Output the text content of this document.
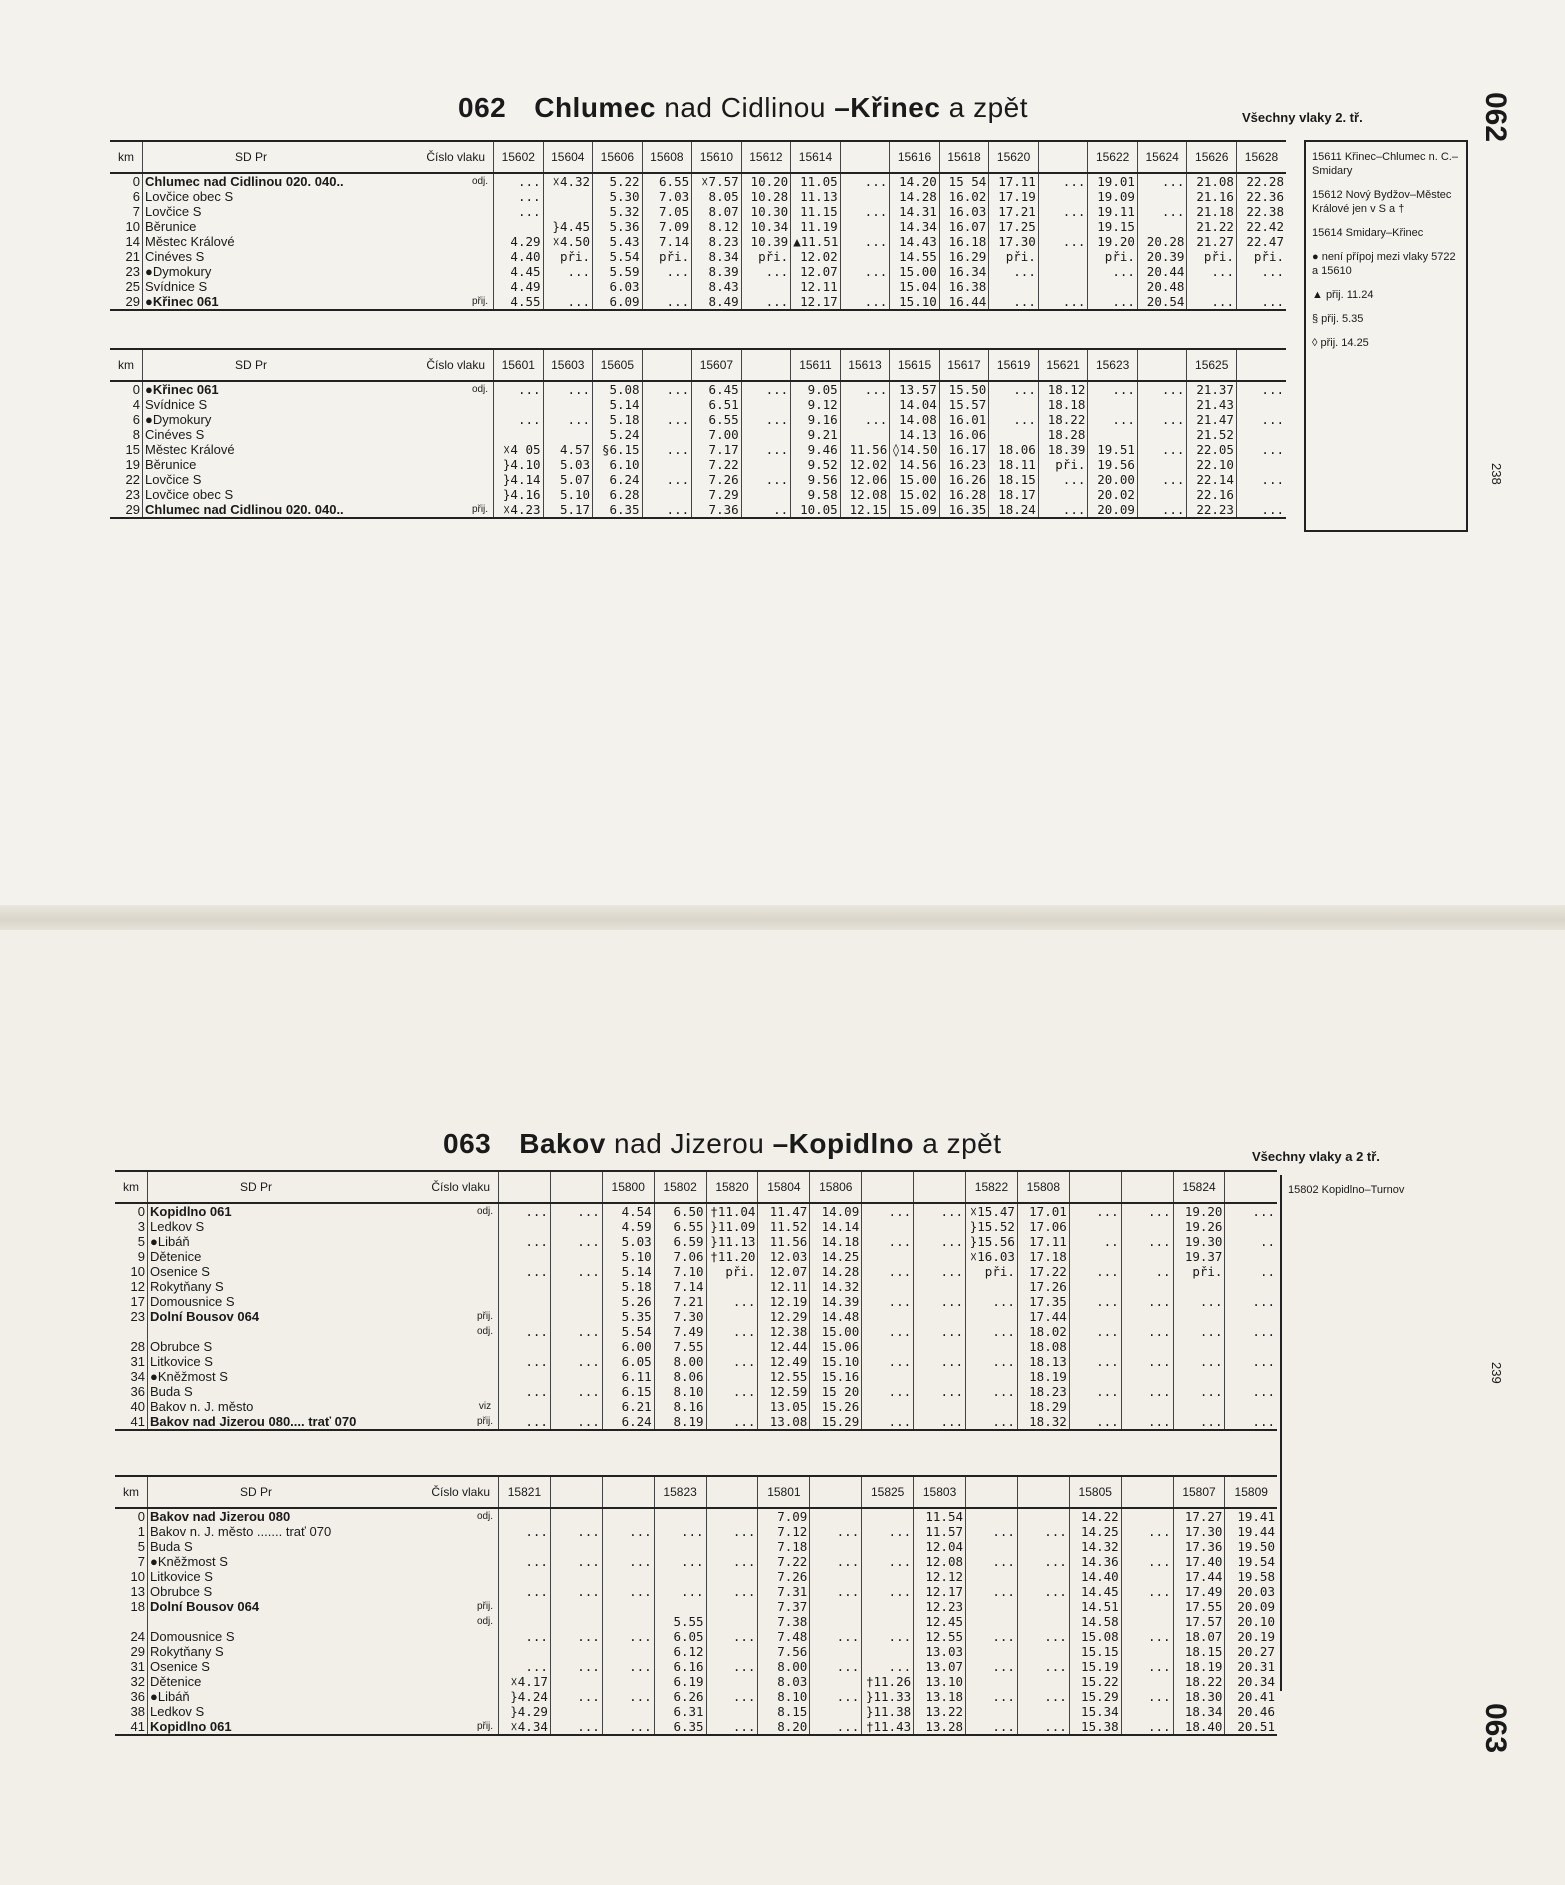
062 Chlumec nad Cidlinou –Křinec a zpět	Všechny vlaky 2. tř.	062
238
km	SD Pr Číslo vlaku		15602	15604	15606	15608	15610	15612	15614		15616	15618	15620		15622	15624	15626	15628
0	Chlumec nad Cidlinou 020. 040..	odj.	...	☓4.32	5.22	6.55	☓7.57	10.20	11.05	...	14.20	15 54	17.11	...	19.01	...	21.08	22.28
6	Lovčice obec S		...		5.30	7.03	8.05	10.28	11.13		14.28	16.02	17.19		19.09		21.16	22.36
7	Lovčice S		...		5.32	7.05	8.07	10.30	11.15	...	14.31	16.03	17.21	...	19.11	...	21.18	22.38
10	Běrunice			}4.45	5.36	7.09	8.12	10.34	11.19		14.34	16.07	17.25		19.15		21.22	22.42
14	Městec Králové		4.29	☓4.50	5.43	7.14	8.23	10.39	▲11.51	...	14.43	16.18	17.30	...	19.20	20.28	21.27	22.47
21	Cinéves S		4.40	při.	5.54	při.	8.34	při.	12.02		14.55	16.29	při.		při.	20.39	při.	při.
23	●Dymokury		4.45	...	5.59	...	8.39	...	12.07	...	15.00	16.34	...		...	20.44	...	...
25	Svídnice S		4.49		6.03		8.43		12.11		15.04	16.38				20.48		
29	●Křinec 061	přij.	4.55	...	6.09	...	8.49	...	12.17	...	15.10	16.44	...	...	...	20.54	...	...
km	SD Pr Číslo vlaku		15601	15603	15605		15607		15611	15613	15615	15617	15619	15621	15623		15625	
0	●Křinec 061	odj.	...	...	5.08	...	6.45	...	9.05	...	13.57	15.50	...	18.12	...	...	21.37	...
4	Svídnice S				5.14		6.51		9.12		14.04	15.57		18.18			21.43	
6	●Dymokury		...	...	5.18	...	6.55	...	9.16	...	14.08	16.01	...	18.22	...	...	21.47	...
8	Cinéves S				5.24		7.00		9.21		14.13	16.06		18.28			21.52	
15	Městec Králové		☓4 05	4.57	§6.15	...	7.17	...	9.46	11.56	◊14.50	16.17	18.06	18.39	19.51	...	22.05	...
19	Běrunice		}4.10	5.03	6.10		7.22		9.52	12.02	14.56	16.23	18.11	při.	19.56		22.10	
22	Lovčice S		}4.14	5.07	6.24	...	7.26	...	9.56	12.06	15.00	16.26	18.15	...	20.00	...	22.14	...
23	Lovčice obec S		}4.16	5.10	6.28		7.29		9.58	12.08	15.02	16.28	18.17		20.02		22.16	
29	Chlumec nad Cidlinou 020. 040..	přij.	☓4.23	5.17	6.35	...	7.36	..	10.05	12.15	15.09	16.35	18.24	...	20.09	...	22.23	...
15611 Křinec–Chlumec n. C.–Smidary
15612 Nový Bydžov–Městec Králové jen v S a †
15614 Smidary–Křinec
● není přípoj mezi vlaky 5722 a 15610
▲ přij. 11.24
§ přij. 5.35
◊ přij. 14.25
063 Bakov nad Jizerou –Kopidlno a zpět	Všechny vlaky a 2 tř.
063
239
km	SD Pr Číslo vlaku				15800	15802	15820	15804	15806			15822	15808			15824	
0	Kopidlno 061	odj.	...	...	4.54	6.50	†11.04	11.47	14.09	...	...	☓15.47	17.01	...	...	19.20	...
3	Ledkov S				4.59	6.55	}11.09	11.52	14.14			}15.52	17.06			19.26	
5	●Libáň		...	...	5.03	6.59	}11.13	11.56	14.18	...	...	}15.56	17.11	..	...	19.30	..
9	Dětenice				5.10	7.06	†11.20	12.03	14.25			☓16.03	17.18			19.37	
10	Osenice S		...	...	5.14	7.10	při.	12.07	14.28	...	...	při.	17.22	...	..	při.	..
12	Rokytňany S				5.18	7.14		12.11	14.32				17.26				
17	Domousnice S				5.26	7.21	...	12.19	14.39	...	...	...	17.35	...	...	...	...
23	Dolní Bousov 064	přij.			5.35	7.30		12.29	14.48				17.44				
		odj.	...	...	5.54	7.49	...	12.38	15.00	...	...	...	18.02	...	...	...	...
28	Obrubce S				6.00	7.55		12.44	15.06				18.08				
31	Litkovice S		...	...	6.05	8.00	...	12.49	15.10	...	...	...	18.13	...	...	...	...
34	●Kněžmost S				6.11	8.06		12.55	15.16				18.19				
36	Buda S		...	...	6.15	8.10	...	12.59	15 20	...	...	...	18.23	...	...	...	...
40	Bakov n. J. město	viz			6.21	8.16		13.05	15.26				18.29				
41	Bakov nad Jizerou 080.... trať 070	přij.	...	...	6.24	8.19	...	13.08	15.29	...	...	...	18.32	...	...	...	...
km	SD Pr Číslo vlaku		15821			15823		15801		15825	15803			15805		15807	15809
0	Bakov nad Jizerou 080	odj.						7.09			11.54			14.22		17.27	19.41
1	Bakov n. J. město ....... trať 070		...	...	...	...	...	7.12	...	...	11.57	...	...	14.25	...	17.30	19.44
5	Buda S							7.18			12.04			14.32		17.36	19.50
7	●Kněžmost S		...	...	...	...	...	7.22	...	...	12.08	...	...	14.36	...	17.40	19.54
10	Litkovice S							7.26			12.12			14.40		17.44	19.58
13	Obrubce S		...	...	...	...	...	7.31	...	...	12.17	...	...	14.45	...	17.49	20.03
18	Dolní Bousov 064	přij.						7.37			12.23			14.51		17.55	20.09
		odj.				5.55		7.38			12.45			14.58		17.57	20.10
24	Domousnice S		...	...	...	6.05	...	7.48	...	...	12.55	...	...	15.08	...	18.07	20.19
29	Rokytňany S					6.12		7.56			13.03			15.15		18.15	20.27
31	Osenice S		...	...	...	6.16	...	8.00	...	...	13.07	...	...	15.19	...	18.19	20.31
32	Dětenice		☓4.17			6.19		8.03		†11.26	13.10			15.22		18.22	20.34
36	●Libáň		}4.24	...	...	6.26	...	8.10	...	}11.33	13.18	...	...	15.29	...	18.30	20.41
38	Ledkov S		}4.29			6.31		8.15		}11.38	13.22			15.34		18.34	20.46
41	Kopidlno 061	přij.	☓4.34	...	...	6.35	...	8.20	...	†11.43	13.28	...	...	15.38	...	18.40	20.51
15802 Kopidlno–Turnov
